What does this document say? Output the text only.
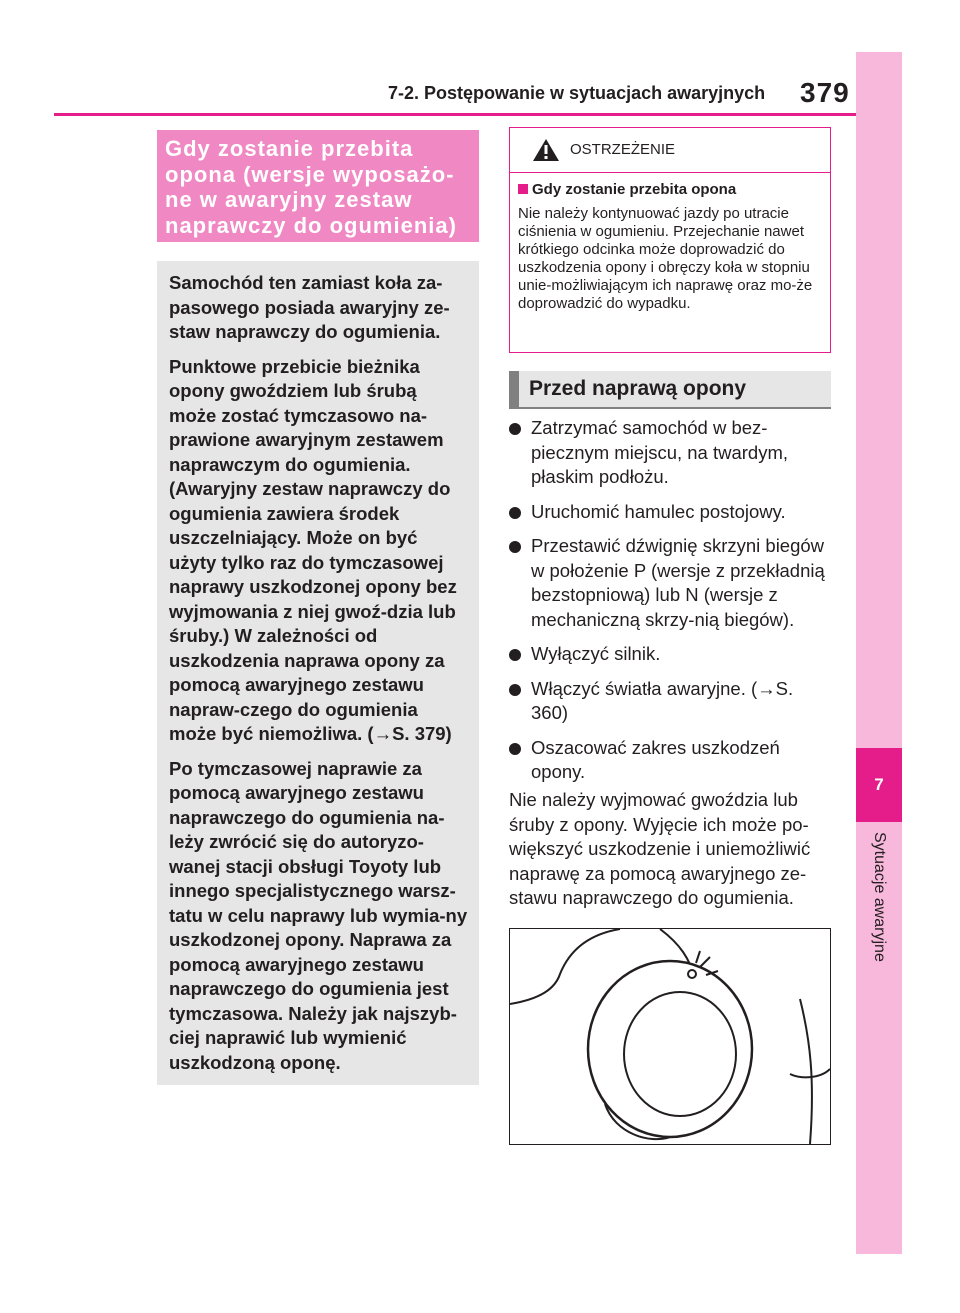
7
Sytuacje awaryjne
7-2. Postępowanie w sytuacjach awaryjnych 379
Gdy zostanie przebita
opona (wersje wyposażo-
ne w awaryjny zestaw
naprawczy do ogumienia)

Samochód ten zamiast koła za-pasowego posiada awaryjny ze-staw naprawczy do ogumienia.

Punktowe przebicie bieżnika opony gwoździem lub śrubą może zostać tymczasowo na-prawione awaryjnym zestawem naprawczym do ogumienia. (Awaryjny zestaw naprawczy do ogumienia zawiera środek uszczelniający. Może on być użyty tylko raz do tymczasowej naprawy uszkodzonej opony bez wyjmowania z niej gwoź-dzia lub śruby.) W zależności od uszkodzenia naprawa opony za pomocą awaryjnego zestawu napraw-czego do ogumienia może być niemożliwa. (→S. 379)

Po tymczasowej naprawie za pomocą awaryjnego zestawu naprawczego do ogumienia na-leży zwrócić się do autoryzo-wanej stacji obsługi Toyoty lub innego specjalistycznego warsz-tatu w celu naprawy lub wymia-ny uszkodzonej opony. Naprawa za pomocą awaryjnego zestawu naprawczego do ogumienia jest tymczasowa. Należy jak najszyb-ciej naprawić lub wymienić uszkodzoną oponę.

OSTRZEŻENIE
Gdy zostanie przebita opona
Nie należy kontynuować jazdy po utracie ciśnienia w ogumieniu. Przejechanie nawet krótkiego odcinka może doprowadzić do uszkodzenia opony i obręczy koła w stopniu unie-możliwiającym ich naprawę oraz mo-że doprowadzić do wypadku.
Przed naprawą opony
Zatrzymać samochód w bez-piecznym miejscu, na twardym, płaskim podłożu.
Uruchomić hamulec postojowy.
Przestawić dźwignię skrzyni biegów w położenie P (wersje z przekładnią bezstopniową) lub N (wersje z mechaniczną skrzy-nią biegów).
Wyłączyć silnik.
Włączyć światła awaryjne. (→S. 360)
Oszacować zakres uszkodzeń opony.
Nie należy wyjmować gwoździa lub śruby z opony. Wyjęcie ich może po-większyć uszkodzenie i uniemożliwić naprawę za pomocą awaryjnego ze-stawu naprawczego do ogumienia.
